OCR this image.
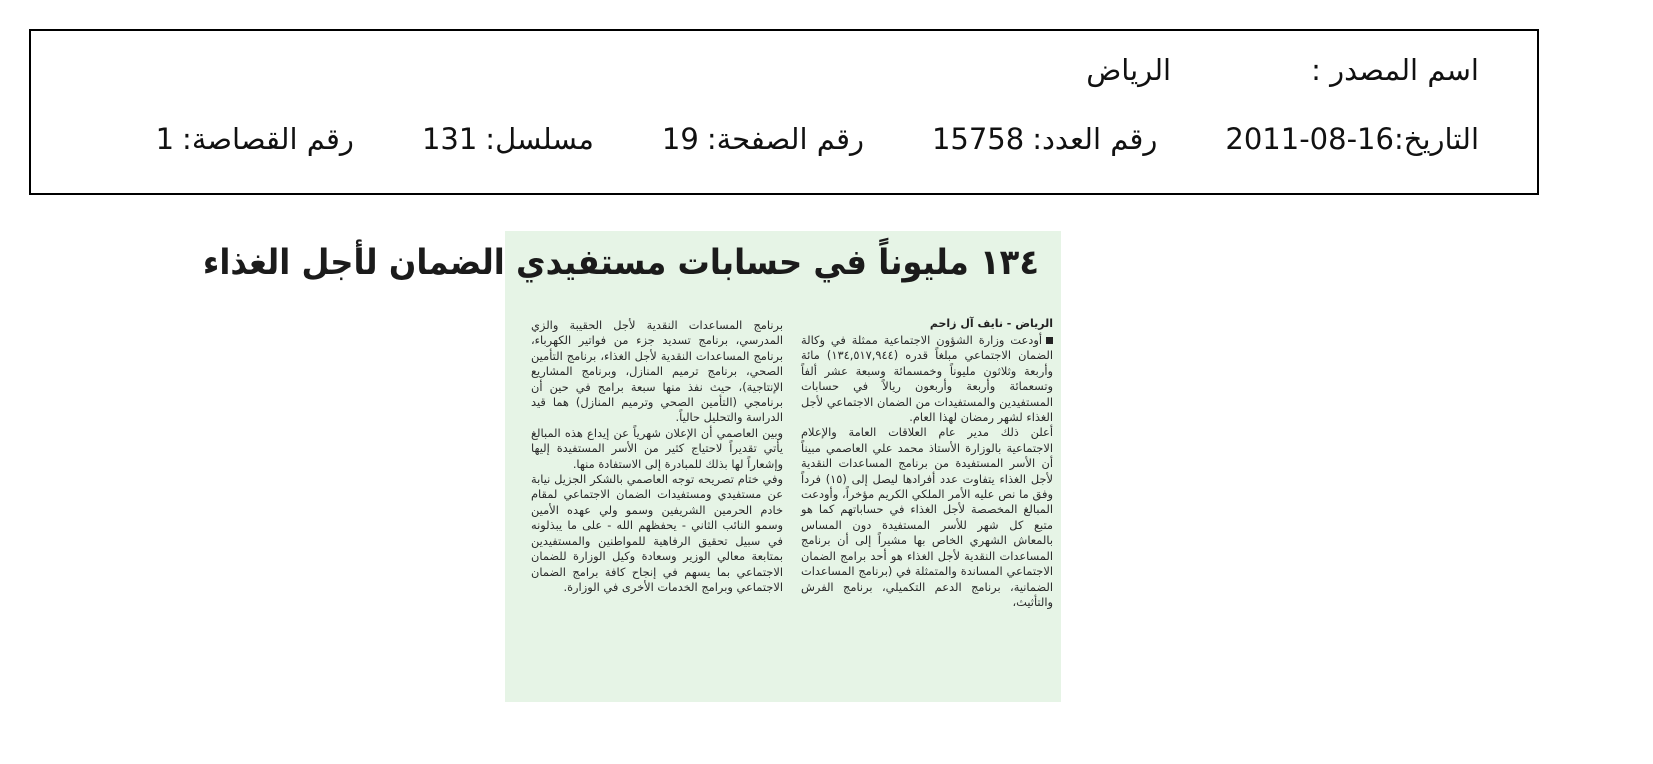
اسم المصدر :
الرياض
التاريخ:
2011-08-16
رقم العدد:
15758
رقم الصفحة:
19
مسلسل:
131
رقم القصاصة:
1
١٣٤ مليوناً في حسابات مستفيدي الضمان لأجل الغذاء
الرياض - نايف آل زاحم

أودعت وزارة الشؤون الاجتماعية ممثلة في وكالة الضمان الاجتماعي مبلغاً قدره (١٣٤,٥١٧,٩٤٤) مائة وأربعة وثلاثون مليوناً وخمسمائة وسبعة عشر ألفاً وتسعمائة وأربعة وأربعون ريالاً في حسابات المستفيدين والمستفيدات من الضمان الاجتماعي لأجل الغذاء لشهر رمضان لهذا العام.

أعلن ذلك مدير عام العلاقات العامة والإعلام الاجتماعية بالوزارة الأستاذ محمد علي العاصمي مبيناً أن الأسر المستفيدة من برنامج المساعدات النقدية لأجل الغذاء يتفاوت عدد أفرادها ليصل إلى (١٥) فرداً وفق ما نص عليه الأمر الملكي الكريم مؤخراً، وأودعت المبالغ المخصصة لأجل الغذاء في حساباتهم كما هو متبع كل شهر للأسر المستفيدة دون المساس بالمعاش الشهري الخاص بها مشيراً إلى أن برنامج المساعدات النقدية لأجل الغذاء هو أحد برامج الضمان الاجتماعي المساندة والمتمثلة في (برنامج المساعدات الضمانية، برنامج الدعم التكميلي، برنامج الفرش والتأثيث،

برنامج المساعدات النقدية لأجل الحقيبة والزي المدرسي، برنامج تسديد جزء من فواتير الكهرباء، برنامج المساعدات النقدية لأجل الغذاء، برنامج التأمين الصحي، برنامج ترميم المنازل، وبرنامج المشاريع الإنتاجية)، حيث نفذ منها سبعة برامج في حين أن برنامجي (التأمين الصحي وترميم المنازل) هما قيد الدراسة والتحليل حالياً.

وبين العاصمي أن الإعلان شهرياً عن إيداع هذه المبالغ يأتي تقديراً لاحتياج كثير من الأسر المستفيدة إليها وإشعاراً لها بذلك للمبادرة إلى الاستفادة منها.

وفي ختام تصريحه توجه العاصمي بالشكر الجزيل نيابة عن مستفيدي ومستفيدات الضمان الاجتماعي لمقام خادم الحرمين الشريفين وسمو ولي عهده الأمين وسمو النائب الثاني - يحفظهم الله - على ما يبذلونه في سبيل تحقيق الرفاهية للمواطنين والمستفيدين بمتابعة معالي الوزير وسعادة وكيل الوزارة للضمان الاجتماعي بما يسهم في إنجاح كافة برامج الضمان الاجتماعي وبرامج الخدمات الأخرى في الوزارة.
